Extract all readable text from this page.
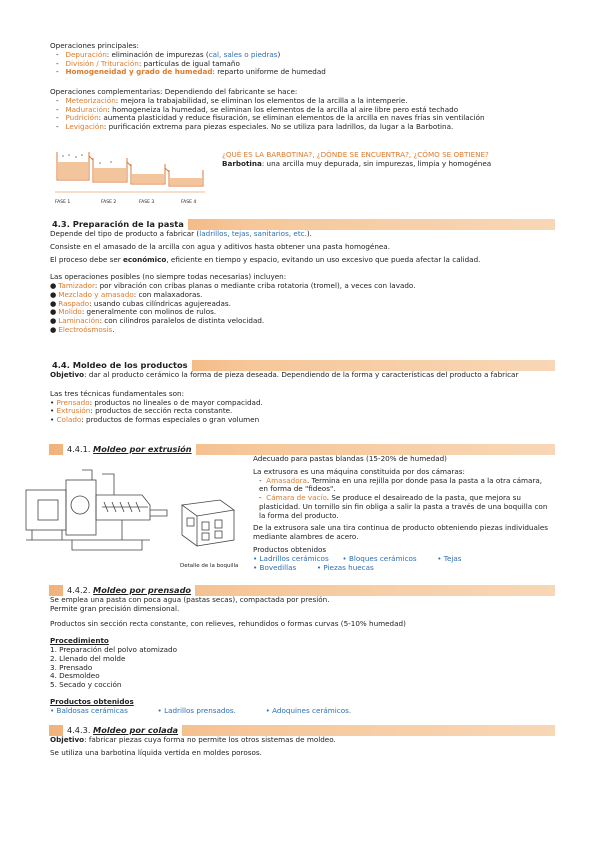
Operaciones principales:
-   Depuración: eliminación de impurezas (cal, sales o piedras)
-   División / Trituración: partículas de igual tamaño
-   Homogeneidad y grado de humedad: reparto uniforme de humedad
Operaciones complementarias: Dependiendo del fabricante se hace:
-   Meteorización: mejora la trabajabilidad, se eliminan los elementos de la arcilla a la intemperie.
-   Maduración: homogeneiza la humedad, se eliminan los elementos de la arcilla al aire libre pero está techado
-   Pudrición: aumenta plasticidad y reduce fisuración, se eliminan elementos de la arcilla en naves frías sin ventilación
-   Levigación: purificación extrema para piezas especiales. No se utiliza para ladrillos, da lugar a la Barbotina.
FASE 1	FASE 2	FASE 3	FASE 4
¿QUÉ ES LA BARBOTINA?, ¿DÓNDE SE ENCUENTRA?, ¿CÓMO SE OBTIENE?
Barbotina: una arcilla muy depurada, sin impurezas, limpia y homogénea
4.3. Preparación de la pasta
Depende del tipo de producto a fabricar (ladrillos, tejas, sanitarios, etc.).
Consiste en el amasado de la arcilla con agua y aditivos hasta obtener una pasta homogénea.
El proceso debe ser económico, eficiente en tiempo y espacio, evitando un uso excesivo que pueda afectar la calidad.
Las operaciones posibles (no siempre todas necesarias) incluyen:
● Tamizador: por vibración con cribas planas o mediante criba rotatoria (tromel), a veces con lavado.
● Mezclado y amasado: con malaxadoras.
● Raspado: usando cubas cilíndricas agujereadas.
● Molido: generalmente con molinos de rulos.
● Laminación: con cilindros paralelos de distinta velocidad.
● Electroósmosis.
4.4. Moldeo de los productos
Objetivo: dar al producto cerámico la forma de pieza deseada. Dependiendo de la forma y características del producto a fabricar
Las tres técnicas fundamentales son:
• Prensado: productos no lineales o de mayor compacidad.
• Extrusión: productos de sección recta constante.
• Colado: productos de formas especiales o gran volumen
4.4.1. Moldeo por extrusión
Detalle de la boquilla
Adecuado para pastas blandas (15-20% de humedad)
La extrusora es una máquina constituida por dos cámaras:
-  Amasadora. Termina en una rejilla por donde pasa la pasta a la otra cámara, en forma de "fideos".
-  Cámara de vacío. Se produce el desaireado de la pasta, que mejora su plasticidad. Un tornillo sin fin obliga a salir la pasta a través de una boquilla con la forma del producto.
De la extrusora sale una tira continua de producto obteniendo piezas individuales mediante alambres de acero.
Productos obtenidos
• Ladrillos cerámicos • Bloques cerámicos	• Tejas
• Bovedillas	• Piezas huecas
4.4.2. Moldeo por prensado
Se emplea una pasta con poca agua (pastas secas), compactada por presión.
Permite gran precisión dimensional.
Productos sin sección recta constante, con relieves, rehundidos o formas curvas (5-10% humedad)
Procedimiento
1. Preparación del polvo atomizado
2. Llenado del molde
3. Prensado
4. Desmoldeo
5. Secado y cocción
Productos obtenidos
• Baldosas cerámicas	• Ladrillos prensados.	• Adoquines cerámicos.
4.4.3. Moldeo por colada
Objetivo: fabricar piezas cuya forma no permite los otros sistemas de moldeo.
Se utiliza una barbotina líquida vertida en moldes porosos.
